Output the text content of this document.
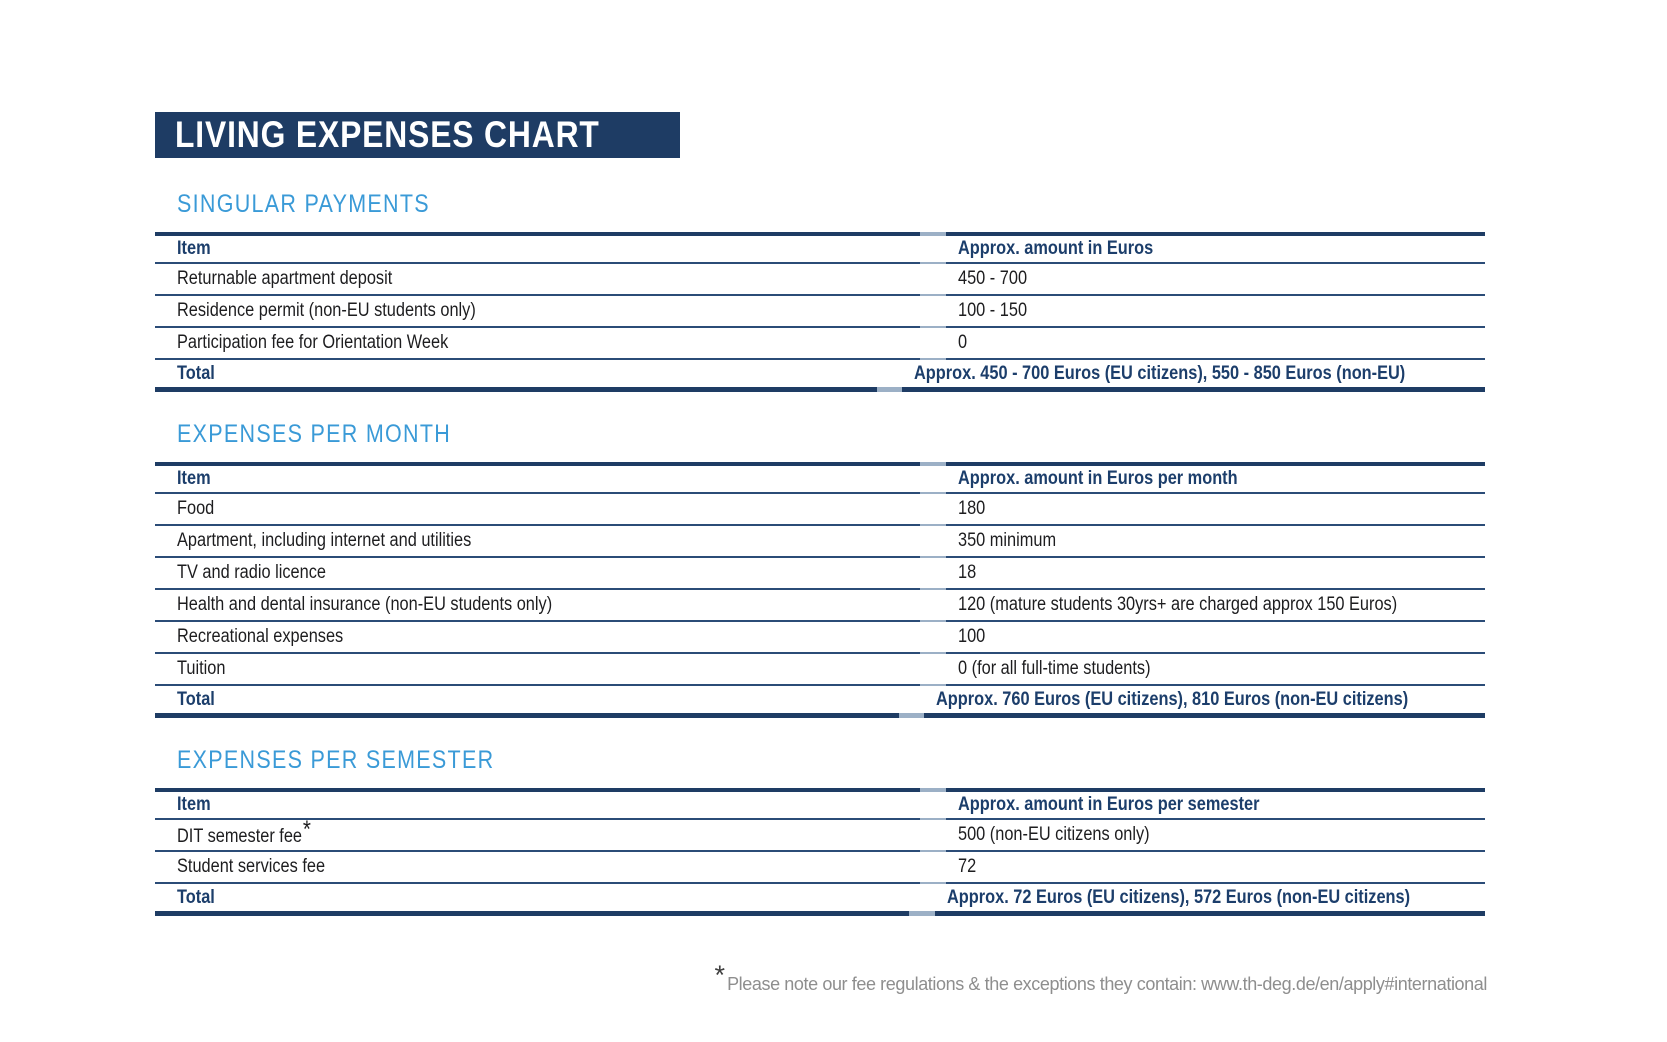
LIVING EXPENSES CHART
SINGULAR PAYMENTS
Item	Approx. amount in Euros
Returnable apartment deposit	450 - 700
Residence permit (non-EU students only)	100 - 150
Participation fee for Orientation Week	0
Total	Approx. 450 - 700 Euros (EU citizens), 550 - 850 Euros (non-EU)
EXPENSES PER MONTH
Item	Approx. amount in Euros per month
Food	180
Apartment, including internet and utilities	350 minimum
TV and radio licence	18
Health and dental insurance (non-EU students only)	120 (mature students 30yrs+ are charged approx 150 Euros)
Recreational expenses	100
Tuition	0 (for all full-time students)
Total	Approx. 760 Euros (EU citizens), 810 Euros (non-EU citizens)
EXPENSES PER SEMESTER
Item	Approx. amount in Euros per semester
DIT semester fee*	500 (non-EU citizens only)
Student services fee	72
Total	Approx. 72 Euros (EU citizens), 572 Euros (non-EU citizens)
* Please note our fee regulations & the exceptions they contain: www.th-deg.de/en/apply#international
